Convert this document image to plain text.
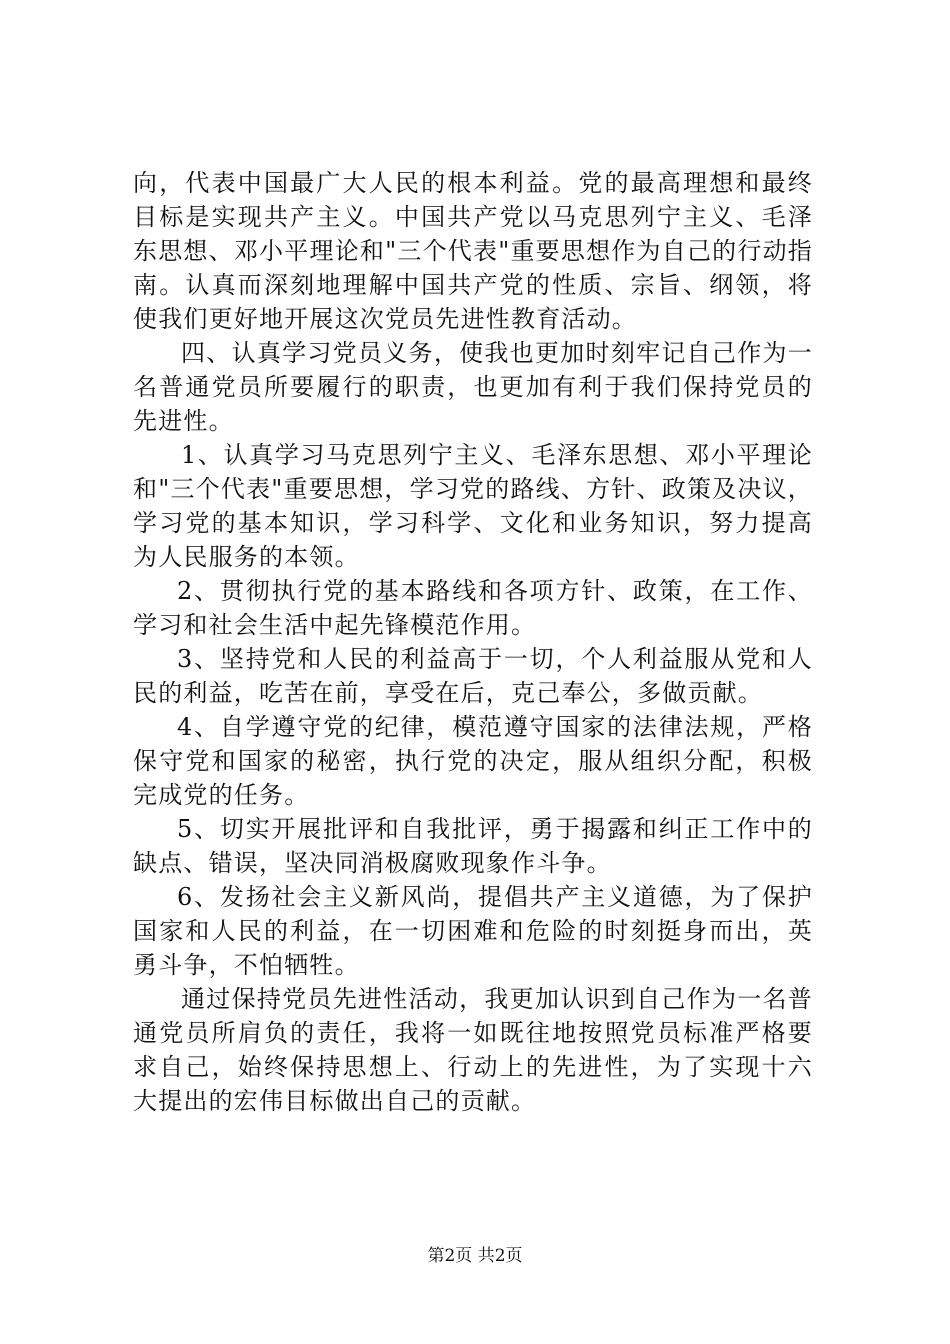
向，代表中国最广大人民的根本利益。党的最高理想和最终目标是实现共产主义。中国共产党以马克思列宁主义、毛泽东思想、邓小平理论和"三个代表"重要思想作为自己的行动指南。认真而深刻地理解中国共产党的性质、宗旨、纲领，将使我们更好地开展这次党员先进性教育活动。

四、认真学习党员义务，使我也更加时刻牢记自己作为一名普通党员所要履行的职责，也更加有利于我们保持党员的先进性。

1、认真学习马克思列宁主义、毛泽东思想、邓小平理论和"三个代表"重要思想，学习党的路线、方针、政策及决议，学习党的基本知识，学习科学、文化和业务知识，努力提高为人民服务的本领。

2、贯彻执行党的基本路线和各项方针、政策，在工作、学习和社会生活中起先锋模范作用。

3、坚持党和人民的利益高于一切，个人利益服从党和人民的利益，吃苦在前，享受在后，克己奉公，多做贡献。

4、自学遵守党的纪律，模范遵守国家的法律法规，严格保守党和国家的秘密，执行党的决定，服从组织分配，积极完成党的任务。

5、切实开展批评和自我批评，勇于揭露和纠正工作中的缺点、错误，坚决同消极腐败现象作斗争。

6、发扬社会主义新风尚，提倡共产主义道德，为了保护国家和人民的利益，在一切困难和危险的时刻挺身而出，英勇斗争，不怕牺牲。

通过保持党员先进性活动，我更加认识到自己作为一名普通党员所肩负的责任，我将一如既往地按照党员标准严格要求自己，始终保持思想上、行动上的先进性，为了实现十六大提出的宏伟目标做出自己的贡献。

第2页 共2页
